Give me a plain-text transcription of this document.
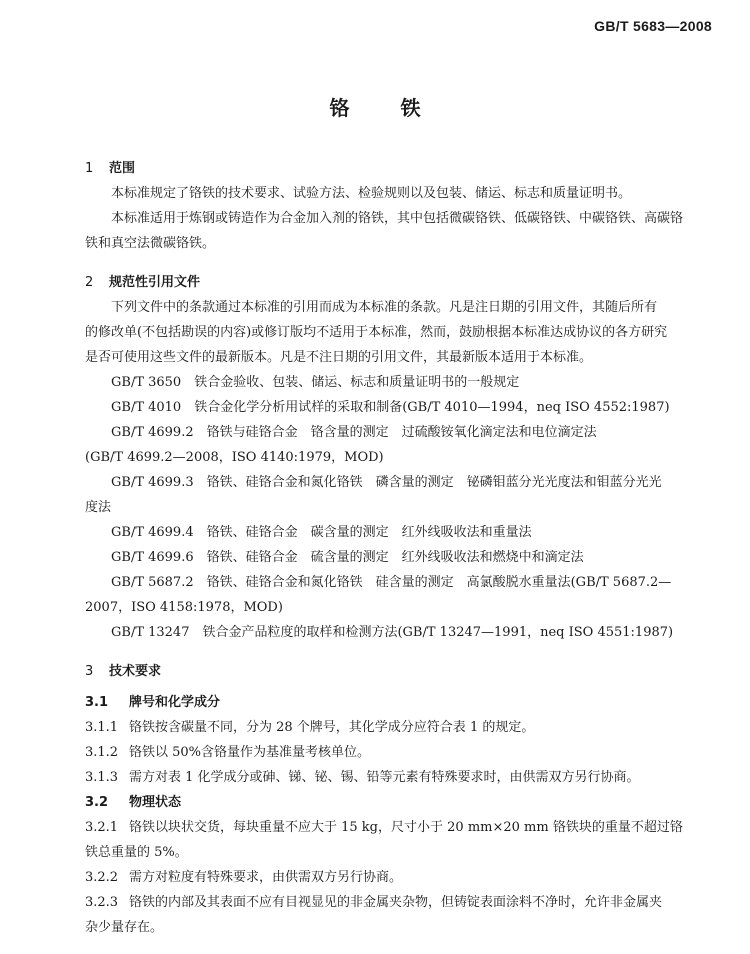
GB/T 5683—2008
铬 铁
1 范围
本标准规定了铬铁的技术要求、试验方法、检验规则以及包装、储运、标志和质量证明书。
本标准适用于炼钢或铸造作为合金加入剂的铬铁，其中包括微碳铬铁、低碳铬铁、中碳铬铁、高碳铬
铁和真空法微碳铬铁。
2 规范性引用文件
下列文件中的条款通过本标准的引用而成为本标准的条款。凡是注日期的引用文件，其随后所有
的修改单(不包括勘误的内容)或修订版均不适用于本标准，然而，鼓励根据本标准达成协议的各方研究
是否可使用这些文件的最新版本。凡是不注日期的引用文件，其最新版本适用于本标准。
GB/T 3650　铁合金验收、包装、储运、标志和质量证明书的一般规定
GB/T 4010　铁合金化学分析用试样的采取和制备(GB/T 4010—1994，neq ISO 4552:1987)
GB/T 4699.2　铬铁与硅铬合金　铬含量的测定　过硫酸铵氧化滴定法和电位滴定法
(GB/T 4699.2—2008，ISO 4140:1979，MOD)
GB/T 4699.3　铬铁、硅铬合金和氮化铬铁　磷含量的测定　铋磷钼蓝分光光度法和钼蓝分光光
度法
GB/T 4699.4　铬铁、硅铬合金　碳含量的测定　红外线吸收法和重量法
GB/T 4699.6　铬铁、硅铬合金　硫含量的测定　红外线吸收法和燃烧中和滴定法
GB/T 5687.2　铬铁、硅铬合金和氮化铬铁　硅含量的测定　高氯酸脱水重量法(GB/T 5687.2—
2007，ISO 4158:1978，MOD)
GB/T 13247　铁合金产品粒度的取样和检测方法(GB/T 13247—1991，neq ISO 4551:1987)
3 技术要求
3.1 牌号和化学成分
3.1.1 铬铁按含碳量不同，分为 28 个牌号，其化学成分应符合表 1 的规定。
3.1.2 铬铁以 50%含铬量作为基准量考核单位。
3.1.3 需方对表 1 化学成分或砷、锑、铋、锡、铅等元素有特殊要求时，由供需双方另行协商。
3.2 物理状态
3.2.1 铬铁以块状交货，每块重量不应大于 15 kg，尺寸小于 20 mm×20 mm 铬铁块的重量不超过铬
铁总重量的 5%。
3.2.2 需方对粒度有特殊要求，由供需双方另行协商。
3.2.3 铬铁的内部及其表面不应有目视显见的非金属夹杂物，但铸锭表面涂料不净时，允许非金属夹
杂少量存在。
